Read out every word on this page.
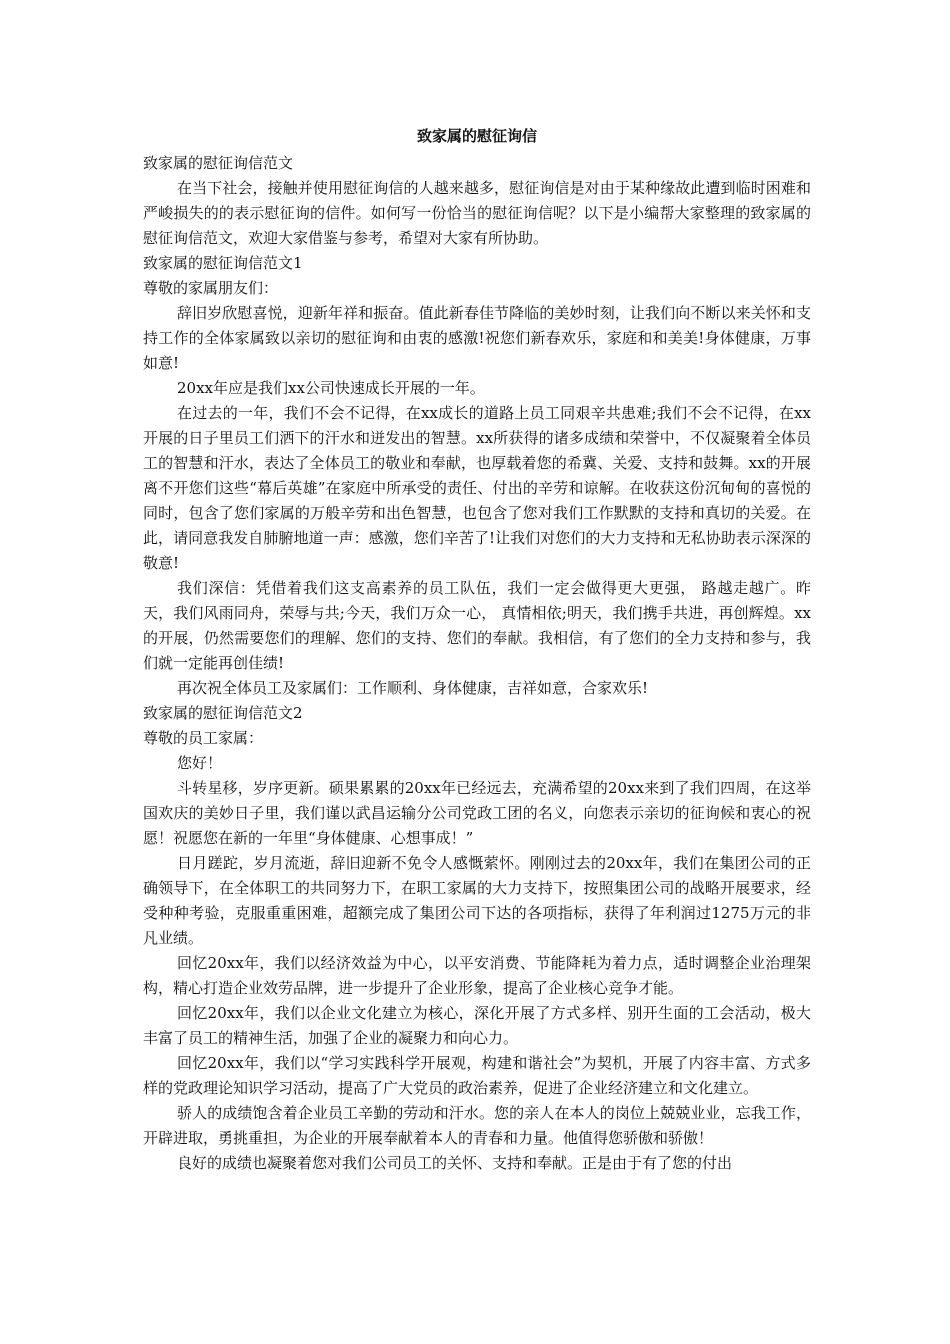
致家属的慰征询信

致家属的慰征询信范文

在当下社会，接触并使用慰征询信的人越来越多，慰征询信是对由于某种缘故此遭到临时困难和严峻损失的的表示慰征询的信件。如何写一份恰当的慰征询信呢？以下是小编帮大家整理的致家属的慰征询信范文，欢迎大家借鉴与参考，希望对大家有所协助。

致家属的慰征询信范文1

尊敬的家属朋友们：

辞旧岁欣慰喜悦，迎新年祥和振奋。值此新春佳节降临的美妙时刻，让我们向不断以来关怀和支持工作的全体家属致以亲切的慰征询和由衷的感激!祝您们新春欢乐，家庭和和美美!身体健康，万事如意!

20xx年应是我们xx公司快速成长开展的一年。

在过去的一年，我们不会不记得，在xx成长的道路上员工同艰辛共患难;我们不会不记得，在xx开展的日子里员工们洒下的汗水和迸发出的智慧。xx所获得的诸多成绩和荣誉中，不仅凝聚着全体员工的智慧和汗水，表达了全体员工的敬业和奉献，也厚载着您的希冀、关爱、支持和鼓舞。xx的开展离不开您们这些“幕后英雄”在家庭中所承受的责任、付出的辛劳和谅解。在收获这份沉甸甸的喜悦的同时，包含了您们家属的万般辛劳和出色智慧，也包含了您对我们工作默默的支持和真切的关爱。在此，请同意我发自肺腑地道一声：感激，您们辛苦了!让我们对您们的大力支持和无私协助表示深深的敬意!

我们深信：凭借着我们这支高素养的员工队伍，我们一定会做得更大更强， 路越走越广。昨天，我们风雨同舟，荣辱与共;今天，我们万众一心， 真情相依;明天，我们携手共进，再创辉煌。xx的开展，仍然需要您们的理解、您们的支持、您们的奉献。我相信，有了您们的全力支持和参与，我们就一定能再创佳绩!

再次祝全体员工及家属们：工作顺利、身体健康，吉祥如意，合家欢乐!

致家属的慰征询信范文2

尊敬的员工家属：

您好！

斗转星移，岁序更新。硕果累累的20xx年已经远去，充满希望的20xx来到了我们四周，在这举国欢庆的美妙日子里，我们谨以武昌运输分公司党政工团的名义，向您表示亲切的征询候和衷心的祝愿！祝愿您在新的一年里“身体健康、心想事成！”

日月蹉跎，岁月流逝，辞旧迎新不免令人感慨萦怀。刚刚过去的20xx年，我们在集团公司的正确领导下，在全体职工的共同努力下，在职工家属的大力支持下，按照集团公司的战略开展要求，经受种种考验，克服重重困难，超额完成了集团公司下达的各项指标，获得了年利润过1275万元的非凡业绩。

回忆20xx年，我们以经济效益为中心，以平安消费、节能降耗为着力点，适时调整企业治理架构，精心打造企业效劳品牌，进一步提升了企业形象，提高了企业核心竞争才能。

回忆20xx年，我们以企业文化建立为核心，深化开展了方式多样、别开生面的工会活动，极大丰富了员工的精神生活，加强了企业的凝聚力和向心力。

回忆20xx年，我们以“学习实践科学开展观，构建和谐社会”为契机，开展了内容丰富、方式多样的党政理论知识学习活动，提高了广大党员的政治素养，促进了企业经济建立和文化建立。

骄人的成绩饱含着企业员工辛勤的劳动和汗水。您的亲人在本人的岗位上兢兢业业，忘我工作，开辟进取，勇挑重担，为企业的开展奉献着本人的青春和力量。他值得您骄傲和骄傲！

良好的成绩也凝聚着您对我们公司员工的关怀、支持和奉献。正是由于有了您的付出
